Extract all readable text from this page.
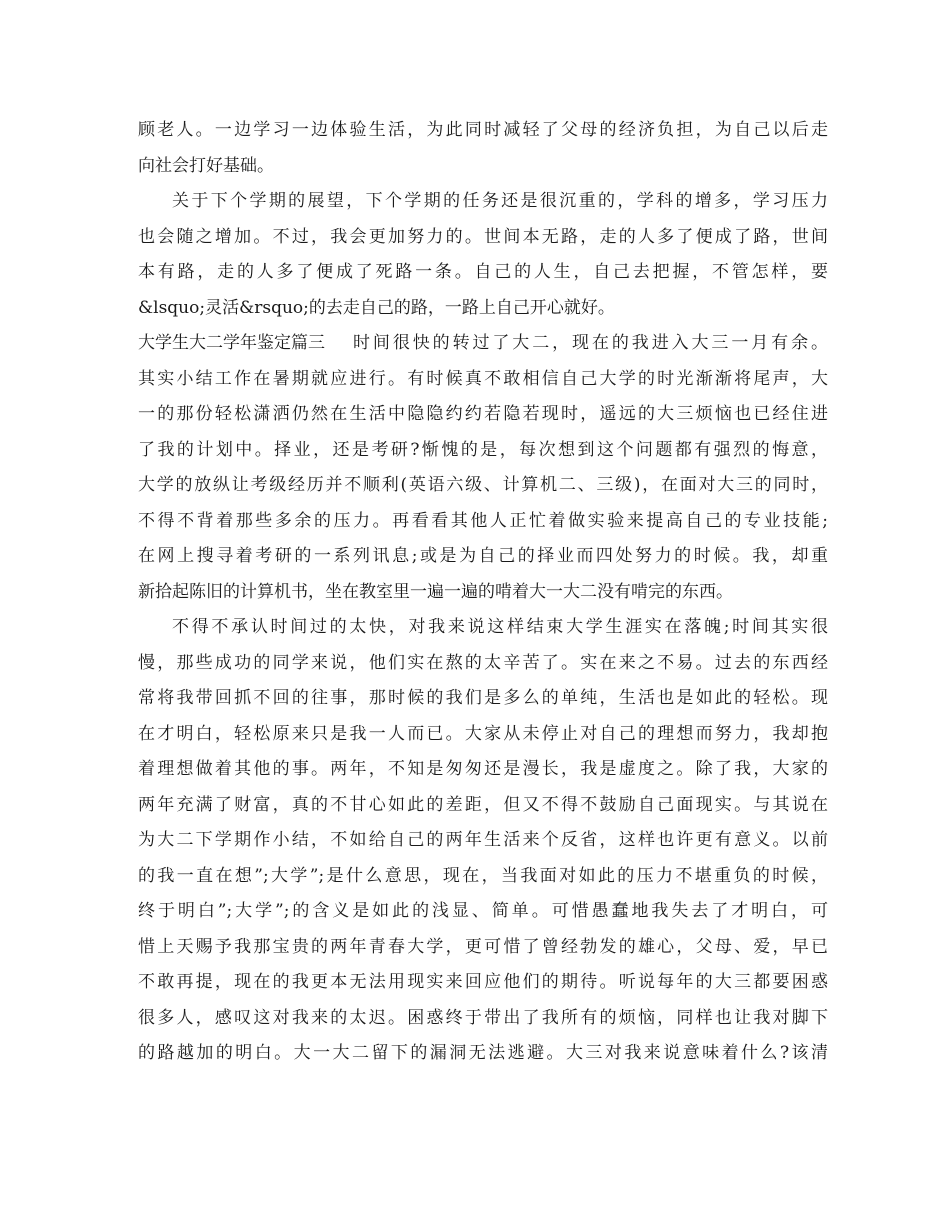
顾老人。一边学习一边体验生活，为此同时减轻了父母的经济负担，为自己以后走
向社会打好基础。
关于下个学期的展望，下个学期的任务还是很沉重的，学科的增多，学习压力
也会随之增加。不过，我会更加努力的。世间本无路，走的人多了便成了路，世间
本有路，走的人多了便成了死路一条。自己的人生，自己去把握，不管怎样，要
&lsquo;灵活&rsquo;的去走自己的路，一路上自己开心就好。
大学生大二学年鉴定篇三 时间很快的转过了大二，现在的我进入大三一月有余。
其实小结工作在暑期就应进行。有时候真不敢相信自己大学的时光渐渐将尾声，大
一的那份轻松潇洒仍然在生活中隐隐约约若隐若现时，遥远的大三烦恼也已经住进
了我的计划中。择业，还是考研?惭愧的是，每次想到这个问题都有强烈的悔意，
大学的放纵让考级经历并不顺利(英语六级、计算机二、三级)，在面对大三的同时，
不得不背着那些多余的压力。再看看其他人正忙着做实验来提高自己的专业技能;
在网上搜寻着考研的一系列讯息;或是为自己的择业而四处努力的时候。我，却重
新拾起陈旧的计算机书，坐在教室里一遍一遍的啃着大一大二没有啃完的东西。
不得不承认时间过的太快，对我来说这样结束大学生涯实在落魄;时间其实很
慢，那些成功的同学来说，他们实在熬的太辛苦了。实在来之不易。过去的东西经
常将我带回抓不回的往事，那时候的我们是多么的单纯，生活也是如此的轻松。现
在才明白，轻松原来只是我一人而已。大家从未停止对自己的理想而努力，我却抱
着理想做着其他的事。两年，不知是匆匆还是漫长，我是虚度之。除了我，大家的
两年充满了财富，真的不甘心如此的差距，但又不得不鼓励自己面现实。与其说在
为大二下学期作小结，不如给自己的两年生活来个反省，这样也许更有意义。以前
的我一直在想”;大学”;是什么意思，现在，当我面对如此的压力不堪重负的时候，
终于明白”;大学”;的含义是如此的浅显、简单。可惜愚蠢地我失去了才明白，可
惜上天赐予我那宝贵的两年青春大学，更可惜了曾经勃发的雄心，父母、爱，早已
不敢再提，现在的我更本无法用现实来回应他们的期待。听说每年的大三都要困惑
很多人，感叹这对我来的太迟。困惑终于带出了我所有的烦恼，同样也让我对脚下
的路越加的明白。大一大二留下的漏洞无法逃避。大三对我来说意味着什么?该清
